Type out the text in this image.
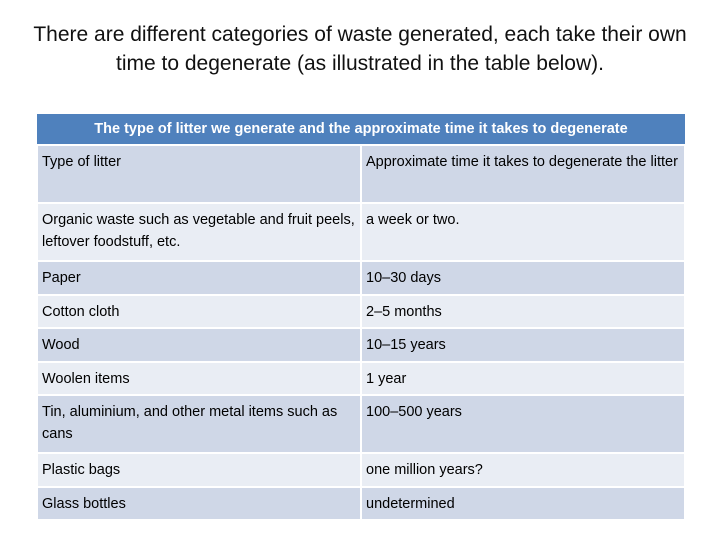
There are different categories of waste generated, each take their own time to degenerate (as illustrated in the table below).
The type of litter we generate and the approximate time it takes to degenerate
Type of litter	Approximate time it takes to degenerate the litter
Organic waste such as vegetable and fruit peels, leftover foodstuff, etc.	a week or two.
Paper	10–30 days
Cotton cloth	2–5 months
Wood	10–15 years
Woolen items	1 year
Tin, aluminium, and other metal items such as cans	100–500 years
Plastic bags	one million years?
Glass bottles	undetermined
